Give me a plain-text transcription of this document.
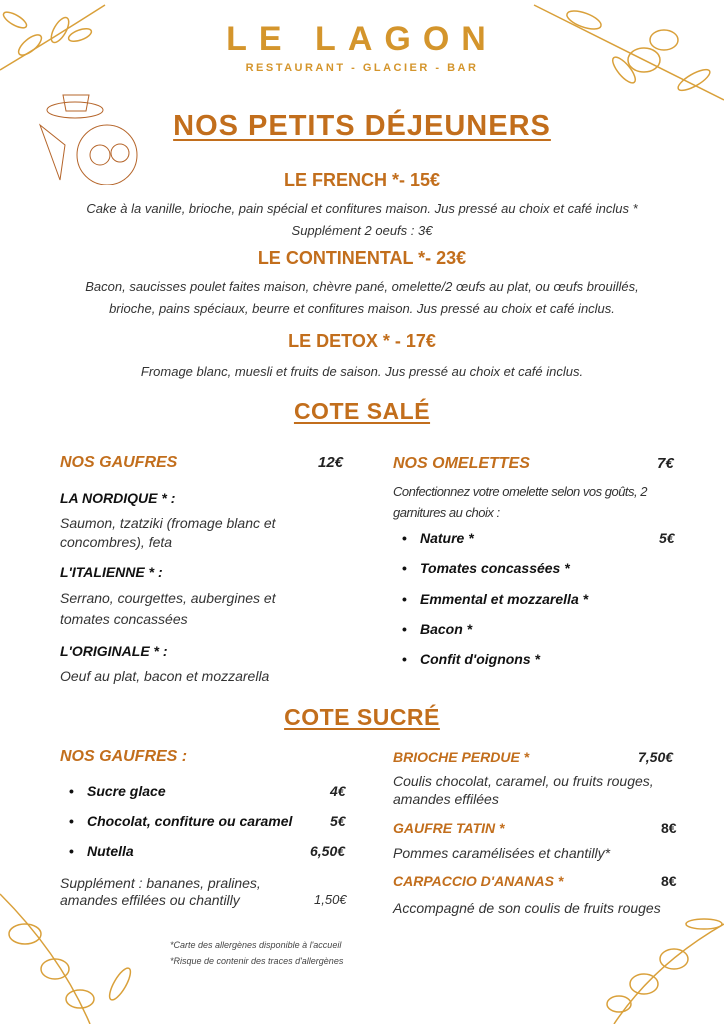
LE LAGON
RESTAURANT - GLACIER - BAR
NOS PETITS DÉJEUNERS
LE FRENCH *- 15€
Cake à la vanille, brioche, pain spécial et confitures maison. Jus pressé au choix et café inclus *
Supplément 2 oeufs : 3€
LE CONTINENTAL *- 23€
Bacon, saucisses poulet faites maison, chèvre pané, omelette/2 œufs au plat, ou œufs brouillés,
brioche, pains spéciaux, beurre et confitures maison. Jus pressé au choix et café inclus.
LE DETOX * - 17€
Fromage blanc, muesli et fruits de saison. Jus pressé au choix et café inclus.
COTE SALÉ
NOS GAUFRES	12€
LA NORDIQUE * :
Saumon, tzatziki (fromage blanc et
concombres), feta
L'ITALIENNE * :
Serrano, courgettes, aubergines et
tomates concassées
L'ORIGINALE * :
Oeuf au plat, bacon et mozzarella
NOS OMELETTES	7€
Confectionnez votre omelette selon vos goûts, 2
garnitures au choix :
• Nature *	5€
• Tomates concassées *
• Emmental et mozzarella *
• Bacon *
• Confit d'oignons *
COTE SUCRÉ
NOS GAUFRES :
• Sucre glace	4€
• Chocolat, confiture ou caramel	5€
• Nutella	6,50€
Supplément : bananes, pralines,
amandes effilées ou chantilly	1,50€
BRIOCHE PERDUE *	7,50€
Coulis chocolat, caramel, ou fruits rouges,
amandes effilées
GAUFRE TATIN *	8€
Pommes caramélisées et chantilly*
CARPACCIO D'ANANAS *	8€
Accompagné de son coulis de fruits rouges
*Carte des allergènes disponible à l'accueil
*Risque de contenir des traces d'allergènes
